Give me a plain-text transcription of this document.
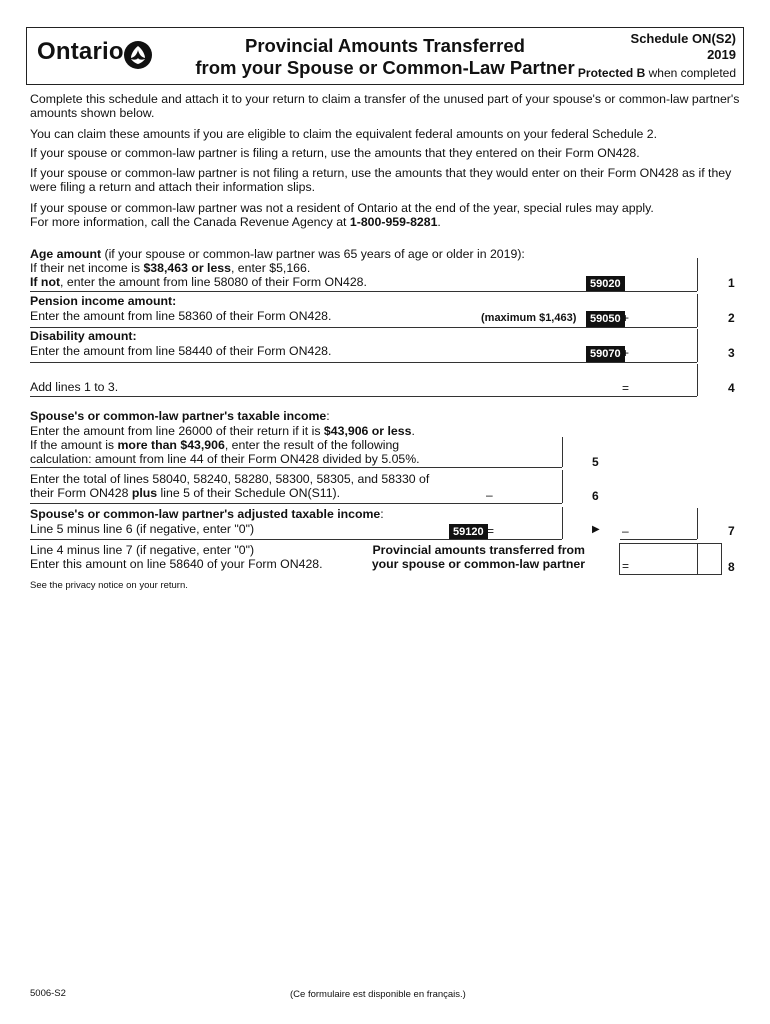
Ontario	Provincial Amounts Transferred
from your Spouse or Common-Law Partner
Schedule ON(S2)
2019
Protected B when completed
Complete this schedule and attach it to your return to claim a transfer of the unused part of your spouse's or common-law partner's amounts shown below.
You can claim these amounts if you are eligible to claim the equivalent federal amounts on your federal Schedule 2.
If your spouse or common-law partner is filing a return, use the amounts that they entered on their Form ON428.
If your spouse or common-law partner is not filing a return, use the amounts that they would enter on their Form ON428 as if they were filing a return and attach their information slips.
If your spouse or common-law partner was not a resident of Ontario at the end of the year, special rules may apply.
For more information, call the Canada Revenue Agency at 1-800-959-8281.
Age amount (if your spouse or common-law partner was 65 years of age or older in 2019):
If their net income is $38,463 or less, enter $5,166.
If not, enter the amount from line 58080 of their Form ON428.	59020	1
Pension income amount:
Enter the amount from line 58360 of their Form ON428.	(maximum $1,463)	59050 +	2
Disability amount:
Enter the amount from line 58440 of their Form ON428.	59070 +	3
Add lines 1 to 3.	=	4
Spouse's or common-law partner's taxable income:
Enter the amount from line 26000 of their return if it is $43,906 or less.
If the amount is more than $43,906, enter the result of the following
calculation: amount from line 44 of their Form ON428 divided by 5.05%.	5
Enter the total of lines 58040, 58240, 58280, 58300, 58305, and 58330 of
their Form ON428 plus line 5 of their Schedule ON(S11).	–	6
Spouse's or common-law partner's adjusted taxable income:
Line 5 minus line 6 (if negative, enter "0")	59120 =	▶ –	7
Line 4 minus line 7 (if negative, enter "0")
Enter this amount on line 58640 of your Form ON428.
Provincial amounts transferred from
your spouse or common-law partner	=	8
See the privacy notice on your return.
5006-S2	(Ce formulaire est disponible en français.)
